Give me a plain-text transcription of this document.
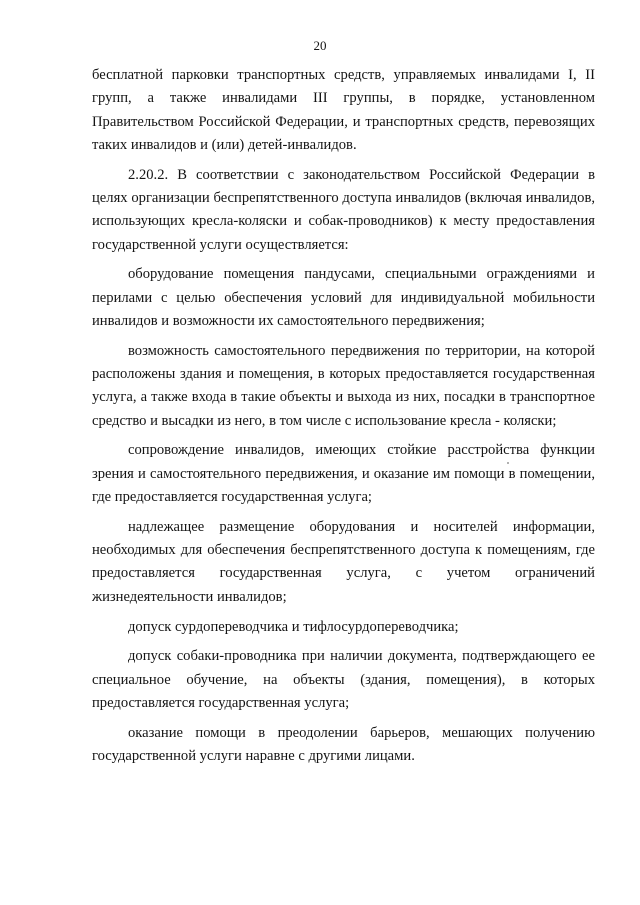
20

бесплатной парковки транспортных средств, управляемых инвалидами I, II групп, а также инвалидами III группы, в порядке, установленном Правительством Российской Федерации, и транспортных средств, перевозящих таких инвалидов и (или) детей-инвалидов.

2.20.2. В соответствии с законодательством Российской Федерации в целях организации беспрепятственного доступа инвалидов (включая инвалидов, использующих кресла-коляски и собак-проводников) к месту предоставления государственной услуги осуществляется:

оборудование помещения пандусами, специальными ограждениями и перилами с целью обеспечения условий для индивидуальной мобильности инвалидов и возможности их самостоятельного передвижения;

возможность самостоятельного передвижения по территории, на которой расположены здания и помещения, в которых предоставляется государственная услуга, а также входа в такие объекты и выхода из них, посадки в транспортное средство и высадки из него, в том числе с использование кресла - коляски;

сопровождение инвалидов, имеющих стойкие расстройства функции зрения и самостоятельного передвижения, и оказание им помощи в помещении, где предоставляется государственная услуга;

надлежащее размещение оборудования и носителей информации, необходимых для обеспечения беспрепятственного доступа к помещениям, где предоставляется государственная услуга, с учетом ограничений жизнедеятельности инвалидов;

допуск сурдопереводчика и тифлосурдопереводчика;

допуск собаки-проводника при наличии документа, подтверждающего ее специальное обучение, на объекты (здания, помещения), в которых предоставляется государственная услуга;

оказание помощи в преодолении барьеров, мешающих получению государственной услуги наравне с другими лицами.
